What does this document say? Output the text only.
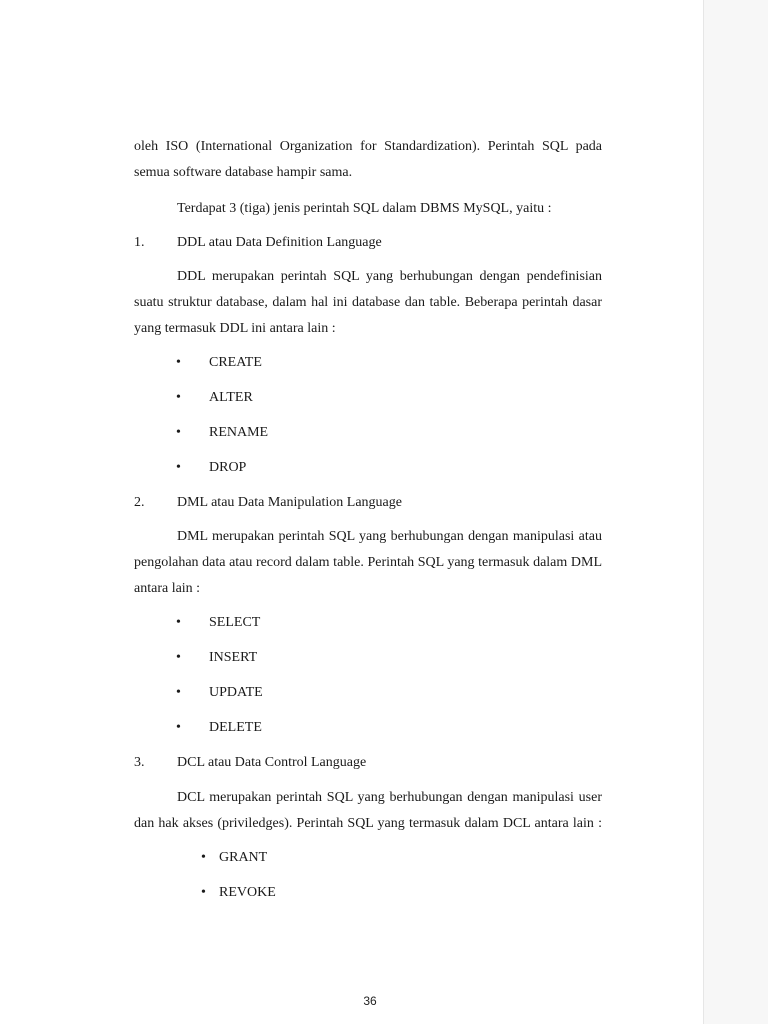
oleh ISO (International Organization for Standardization). Perintah SQL pada
semua software database hampir sama.
Terdapat 3 (tiga) jenis perintah SQL dalam DBMS MySQL, yaitu :
1. DDL atau Data Definition Language
DDL merupakan perintah SQL yang berhubungan dengan pendefinisian
suatu struktur database, dalam hal ini database dan table. Beberapa perintah dasar
yang termasuk DDL ini antara lain :
• CREATE
• ALTER
• RENAME
• DROP
2. DML atau Data Manipulation Language
DML merupakan perintah SQL yang berhubungan dengan manipulasi atau
pengolahan data atau record dalam table. Perintah SQL yang termasuk dalam DML
antara lain :
• SELECT
• INSERT
• UPDATE
• DELETE
3. DCL atau Data Control Language
DCL merupakan perintah SQL yang berhubungan dengan manipulasi user
dan hak akses (priviledges). Perintah SQL yang termasuk dalam DCL antara lain :
• GRANT
• REVOKE
36
